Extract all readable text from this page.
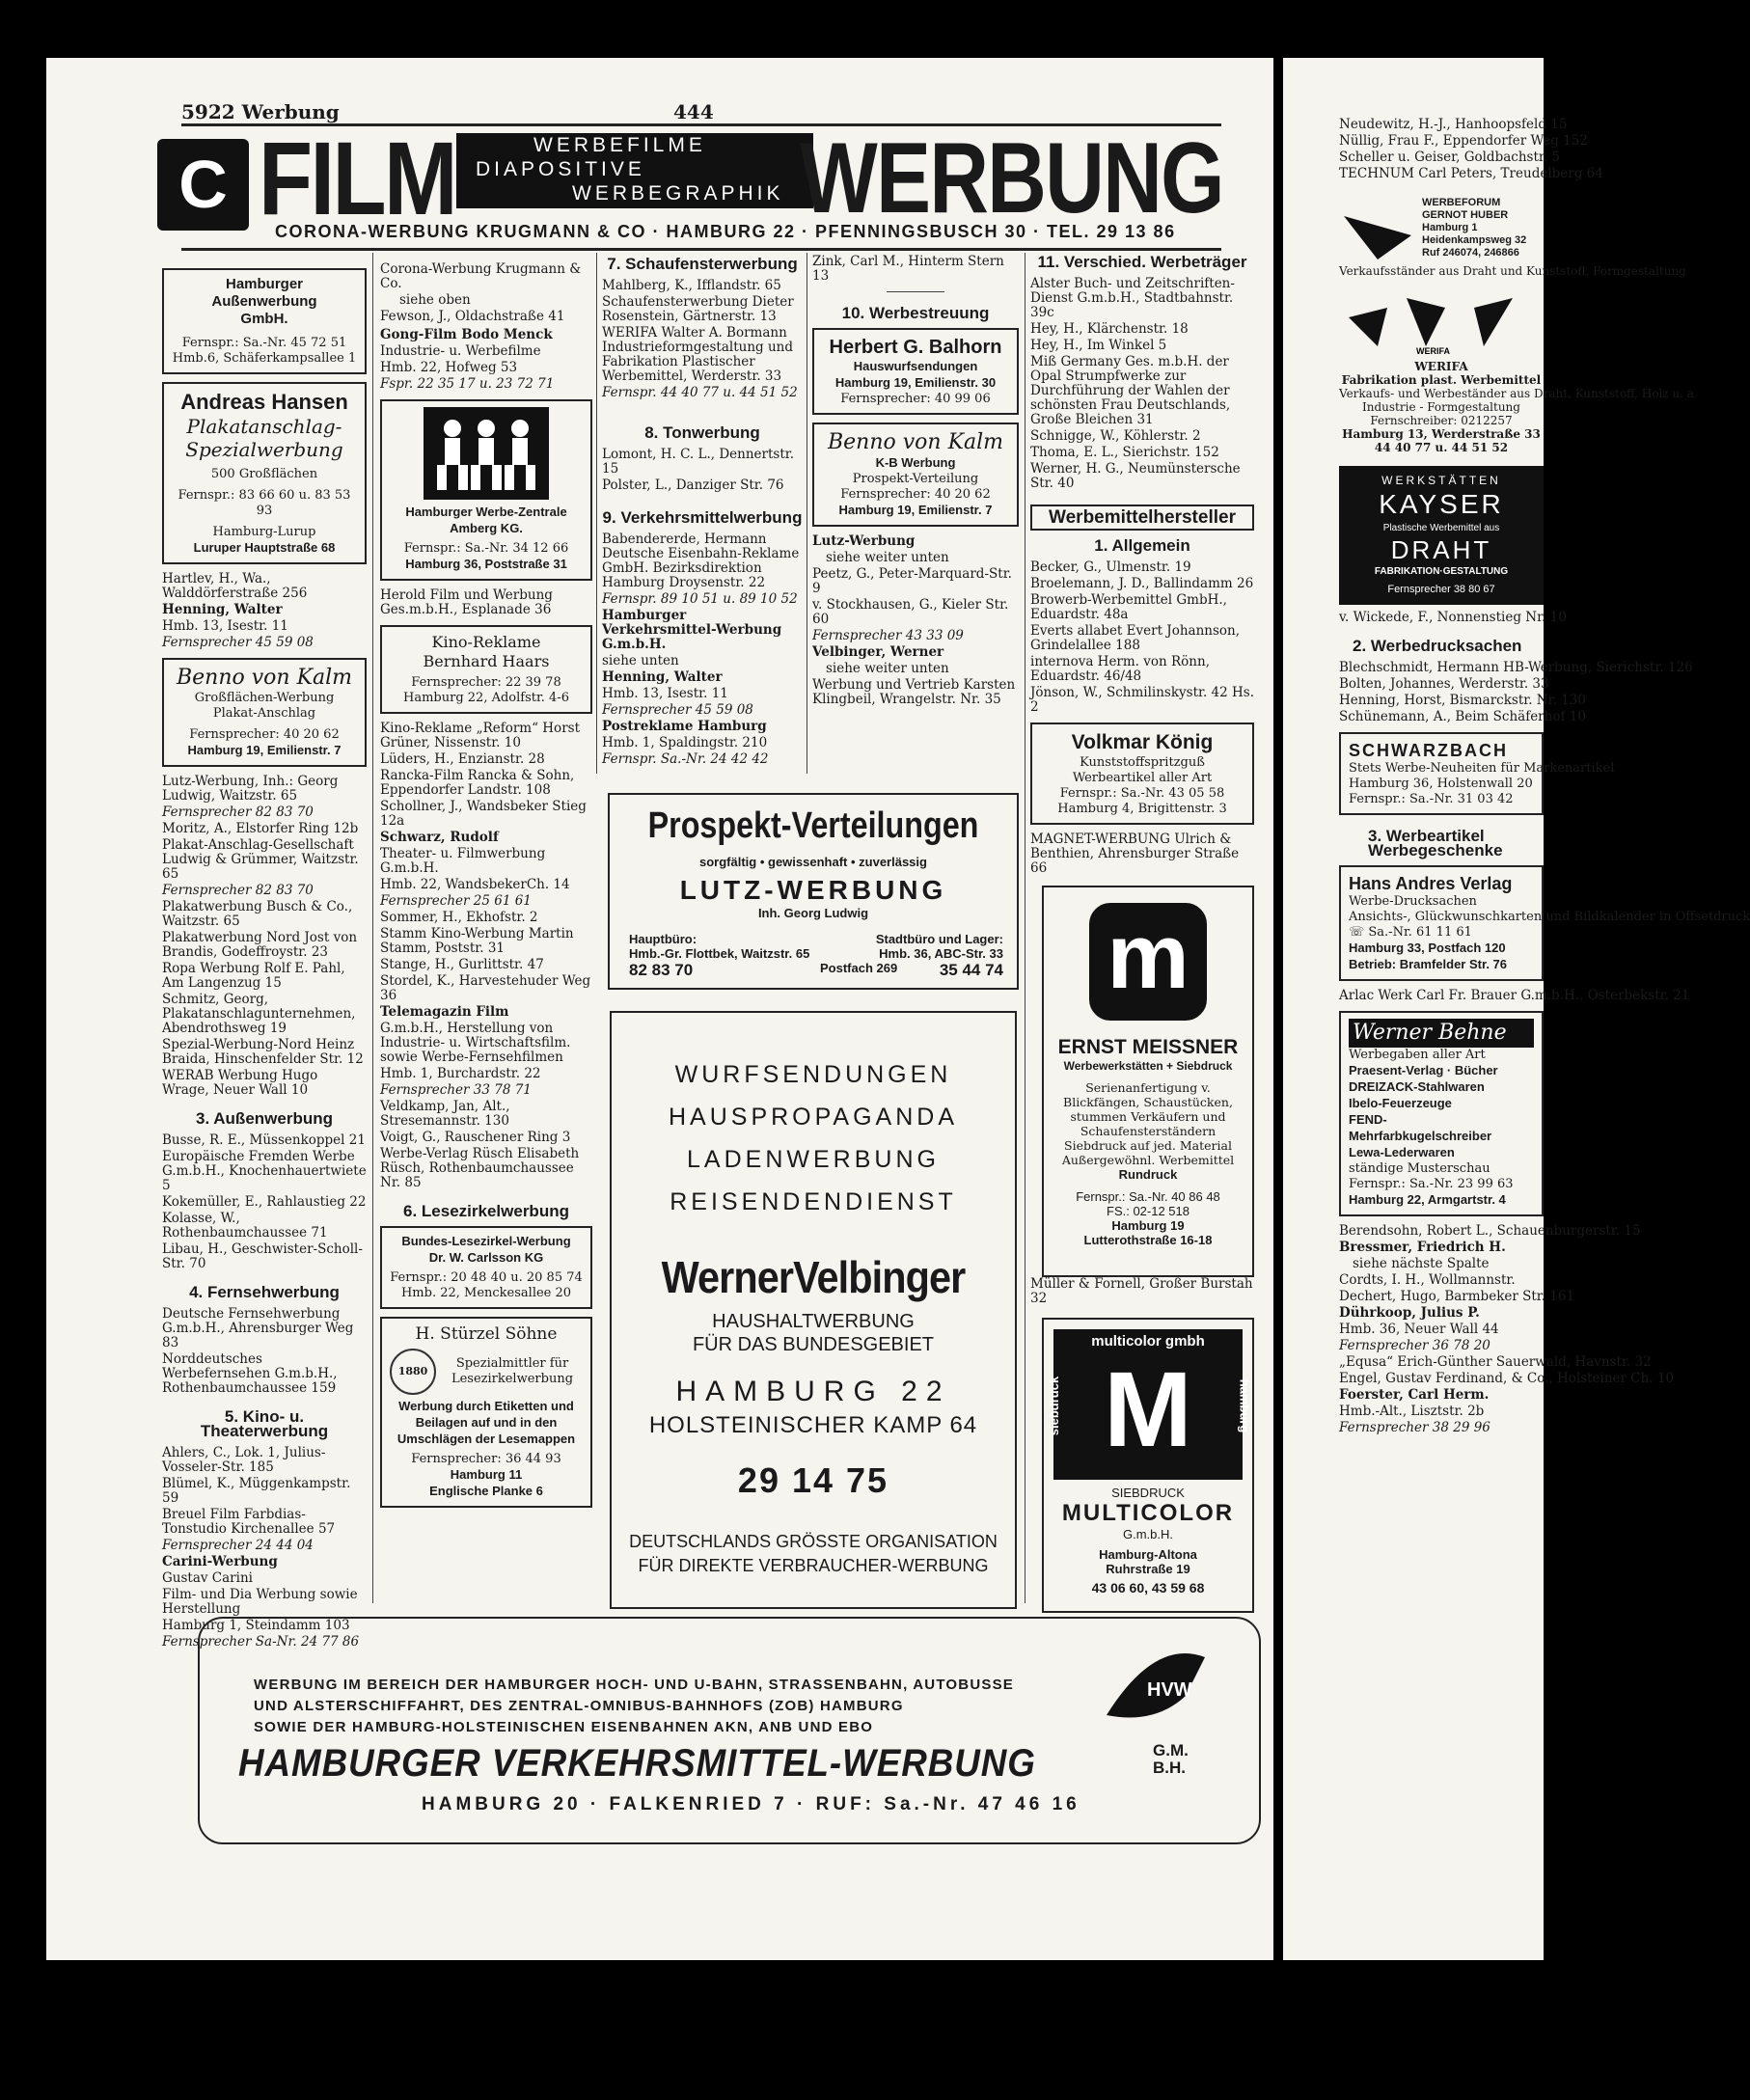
5922 Werbung	444
C FILM	WERBEFILME
DIAPOSITIVE
WERBEGRAPHIK WERBUNG
CORONA-WERBUNG KRUGMANN & CO · HAMBURG 22 · PFENNINGSBUSCH 30 · TEL. 29 13 86
Hamburger Außenwerbung
GmbH.
Fernspr.: Sa.-Nr. 45 72 51
Hmb.6, Schäferkampsallee 1
Andreas Hansen
Plakatanschlag-
Spezialwerbung
500 Großflächen
Fernspr.: 83 66 60 u. 83 53 93
Hamburg-Lurup
Luruper Hauptstraße 68

Hartlev, H., Wa., Walddörferstraße 256

Henning, Walter

Hmb. 13, Isestr. 11

Fernsprecher 45 59 08

Benno von Kalm
Großflächen-Werbung
Plakat-Anschlag
Fernsprecher: 40 20 62
Hamburg 19, Emilienstr. 7

Lutz-Werbung, Inh.: Georg Ludwig, Waitzstr. 65

Fernsprecher 82 83 70

Moritz, A., Elstorfer Ring 12b

Plakat-Anschlag-Gesellschaft Ludwig & Grümmer, Waitzstr. 65

Fernsprecher 82 83 70

Plakatwerbung Busch & Co., Waitzstr. 65

Plakatwerbung Nord Jost von Brandis, Godeffroystr. 23

Ropa Werbung Rolf E. Pahl, Am Langenzug 15

Schmitz, Georg, Plakatanschlagunternehmen, Abendrothsweg 19

Spezial-Werbung-Nord Heinz Braida, Hinschenfelder Str. 12

WERAB Werbung Hugo Wrage, Neuer Wall 10

3. Außenwerbung

Busse, R. E., Müssenkoppel 21

Europäische Fremden Werbe G.m.b.H., Knochenhauertwiete 5

Kokemüller, E., Rahlaustieg 22

Kolasse, W., Rothenbaumchaussee 71

Libau, H., Geschwister-Scholl-Str. 70

4. Fernsehwerbung

Deutsche Fernsehwerbung G.m.b.H., Ahrensburger Weg 83

Norddeutsches Werbefernsehen G.m.b.H., Rothenbaumchaussee 159

5. Kino- u. Theaterwerbung

Ahlers, C., Lok. 1, Julius-Vosseler-Str. 185

Blümel, K., Müggenkampstr. 59

Breuel Film Farbdias-Tonstudio Kirchenallee 57

Fernsprecher 24 44 04

Carini-Werbung

Gustav Carini

Film- und Dia Werbung sowie Herstellung

Hamburg 1, Steindamm 103

Fernsprecher Sa-Nr. 24 77 86

Corona-Werbung Krugmann & Co.

siehe oben

Fewson, J., Oldachstraße 41

Gong-Film Bodo Menck

Industrie- u. Werbefilme

Hmb. 22, Hofweg 53

Fspr. 22 35 17 u. 23 72 71

Hamburger Werbe-Zentrale
Amberg KG.
Fernspr.: Sa.-Nr. 34 12 66
Hamburg 36, Poststraße 31

Herold Film und Werbung Ges.m.b.H., Esplanade 36

Kino-Reklame
Bernhard Haars
Fernsprecher: 22 39 78
Hamburg 22, Adolfstr. 4-6

Kino-Reklame „Reform“ Horst Grüner, Nissenstr. 10

Lüders, H., Enzianstr. 28

Rancka-Film Rancka & Sohn, Eppendorfer Landstr. 108

Schollner, J., Wandsbeker Stieg 12a

Schwarz, Rudolf

Theater- u. Filmwerbung G.m.b.H.

Hmb. 22, WandsbekerCh. 14

Fernsprecher 25 61 61

Sommer, H., Ekhofstr. 2

Stamm Kino-Werbung Martin Stamm, Poststr. 31

Stange, H., Gurlittstr. 47

Stordel, K., Harvestehuder Weg 36

Telemagazin Film

G.m.b.H., Herstellung von Industrie- u. Wirtschaftsfilm. sowie Werbe-Fernsehfilmen

Hmb. 1, Burchardstr. 22

Fernsprecher 33 78 71

Veldkamp, Jan, Alt., Stresemannstr. 130

Voigt, G., Rauschener Ring 3

Werbe-Verlag Rüsch Elisabeth Rüsch, Rothenbaumchaussee Nr. 85

6. Lesezirkelwerbung
Bundes-Lesezirkel-Werbung
Dr. W. Carlsson KG
Fernspr.: 20 48 40 u. 20 85 74
Hmb. 22, Menckesallee 20
H. Stürzel Söhne
1880
Spezialmittler für Lesezirkelwerbung
Werbung durch Etiketten und Beilagen auf und in den Umschlägen der Lesemappen
Fernsprecher: 36 44 93
Hamburg 11
Englische Planke 6
7. Schaufensterwerbung

Mahlberg, K., Ifflandstr. 65

Schaufensterwerbung Dieter Rosenstein, Gärtnerstr. 13

WERIFA Walter A. Bormann Industrieformgestaltung und Fabrikation Plastischer Werbemittel, Werderstr. 33

Fernspr. 44 40 77 u. 44 51 52

8. Tonwerbung

Lomont, H. C. L., Dennertstr. 15

Polster, L., Danziger Str. 76

9. Verkehrsmittelwerbung

Babendererde, Hermann Deutsche Eisenbahn-Reklame GmbH. Bezirksdirektion Hamburg Droysenstr. 22

Fernspr. 89 10 51 u. 89 10 52

Hamburger Verkehrsmittel-Werbung G.m.b.H.

siehe unten

Henning, Walter

Hmb. 13, Isestr. 11

Fernsprecher 45 59 08

Postreklame Hamburg

Hmb. 1, Spaldingstr. 210

Fernspr. Sa.-Nr. 24 42 42

Zink, Carl M., Hinterm Stern 13

10. Werbestreuung
Herbert G. Balhorn
Hauswurfsendungen
Hamburg 19, Emilienstr. 30
Fernsprecher: 40 99 06
Benno von Kalm
K-B Werbung
Prospekt-Verteilung
Fernsprecher: 40 20 62
Hamburg 19, Emilienstr. 7

Lutz-Werbung

siehe weiter unten

Peetz, G., Peter-Marquard-Str. 9

v. Stockhausen, G., Kieler Str. 60

Fernsprecher 43 33 09

Velbinger, Werner

siehe weiter unten

Werbung und Vertrieb Karsten Klingbeil, Wrangelstr. Nr. 35

Prospekt-Verteilungen
sorgfältig • gewissenhaft • zuverlässig
LUTZ-WERBUNG
Inh. Georg Ludwig
Hauptbüro:
Hmb.-Gr. Flottbek, Waitzstr. 65
82 83 70	Postfach 269
Stadtbüro und Lager:
Hmb. 36, ABC-Str. 33
35 44 74
WURFSENDUNGEN
HAUSPROPAGANDA
LADENWERBUNG
REISENDENDIENST
WernerVelbinger
HAUSHALTWERBUNG
FÜR DAS BUNDESGEBIET
HAMBURG 22
HOLSTEINISCHER KAMP 64
29 14 75
DEUTSCHLANDS GRÖSSTE ORGANISATION
FÜR DIREKTE VERBRAUCHER-WERBUNG
11. Verschied. Werbeträger

Alster Buch- und Zeitschriften-Dienst G.m.b.H., Stadtbahnstr. 39c

Hey, H., Klärchenstr. 18

Hey, H., Im Winkel 5

Miß Germany Ges. m.b.H. der Opal Strumpfwerke zur Durchführung der Wahlen der schönsten Frau Deutschlands, Große Bleichen 31

Schnigge, W., Köhlerstr. 2

Thoma, E. L., Sierichstr. 152

Werner, H. G., Neumünstersche Str. 40

Werbemittelhersteller
1. Allgemein

Becker, G., Ulmenstr. 19

Broelemann, J. D., Ballindamm 26

Browerb-Werbemittel GmbH., Eduardstr. 48a

Everts allabet Evert Johannson, Grindelallee 188

internova Herm. von Rönn, Eduardstr. 46/48

Jönson, W., Schmilinskystr. 42 Hs. 2

Volkmar König
Kunststoffspritzguß
Werbeartikel aller Art
Fernspr.: Sa.-Nr. 43 05 58
Hamburg 4, Brigittenstr. 3

MAGNET-WERBUNG Ulrich & Benthien, Ahrensburger Straße 66

m
ERNST MEISSNER
Werbewerkstätten + Siebdruck
Serienanfertigung v. Blickfängen, Schaustücken, stummen Verkäufern und Schaufensterständern Siebdruck auf jed. Material Außergewöhnl. Werbemittel
Rundruck
Fernspr.: Sa.-Nr. 40 86 48
FS.: 02-12 518
Hamburg 19
Lutterothstraße 16-18

Müller & Fornell, Großer Burstah 32

multicolor gmbh
siebdruck	hamburg
M
SIEBDRUCK
MULTICOLOR
G.m.b.H.
Hamburg-Altona
Ruhrstraße 19
43 06 60, 43 59 68
WERBUNG IM BEREICH DER HAMBURGER HOCH- UND U-BAHN, STRASSENBAHN, AUTOBUSSE
UND ALSTERSCHIFFAHRT, DES ZENTRAL-OMNIBUS-BAHNHOFS (ZOB) HAMBURG
SOWIE DER HAMBURG-HOLSTEINISCHEN EISENBAHNEN AKN, ANB UND EBO
HVW
HAMBURGER VERKEHRSMITTEL-WERBUNG	G.M. B.H.
HAMBURG 20 · FALKENRIED 7 · RUF: Sa.-Nr. 47 46 16

Neudewitz, H.-J., Hanhoopsfeld 15

Nüllig, Frau F., Eppendorfer Weg 152

Scheller u. Geiser, Goldbachstr. 5

TECHNUM Carl Peters, Treudelberg 64

WERBEFORUM
GERNOT HUBER
Hamburg 1
Heidenkampsweg 32
Ruf 246074, 246866

Verkaufsständer aus Draht und Kunststoff, Formgestaltung

WERIFA
WERIFA
Fabrikation plast. Werbemittel
Verkaufs- und Werbeständer aus Draht, Kunststoff, Holz u. a.
Industrie - Formgestaltung
Fernschreiber: 0212257
Hamburg 13, Werderstraße 33
44 40 77 u. 44 51 52
WERKSTÄTTEN
KAYSER
Plastische Werbemittel aus
DRAHT
FABRIKATION·GESTALTUNG
Fernsprecher 38 80 67

v. Wickede, F., Nonnenstieg Nr. 10

2. Werbedrucksachen

Blechschmidt, Hermann HB-Werbung, Sierichstr. 126

Bolten, Johannes, Werderstr. 33

Henning, Horst, Bismarckstr. Nr. 130

Schünemann, A., Beim Schäferhof 10

SCHWARZBACH
Stets Werbe-Neuheiten für Markenartikel
Hamburg 36, Holstenwall 20
Fernspr.: Sa.-Nr. 31 03 42
3. Werbeartikel Werbegeschenke
Hans Andres Verlag
Werbe-Drucksachen
Ansichts-, Glückwunschkarten und Bildkalender in Offsetdruck
☏ Sa.-Nr. 61 11 61
Hamburg 33, Postfach 120
Betrieb: Bramfelder Str. 76

Arlac Werk Carl Fr. Brauer G.m.b.H., Osterbekstr. 21

Werner Behne
Werbegaben aller Art
Praesent-Verlag · Bücher
DREIZACK-Stahlwaren
Ibelo-Feuerzeuge
FEND-
Mehrfarbkugelschreiber
Lewa-Lederwaren
ständige Musterschau
Fernspr.: Sa.-Nr. 23 99 63
Hamburg 22, Armgartstr. 4

Berendsohn, Robert L., Schauenburgerstr. 15

Bressmer, Friedrich H.

siehe nächste Spalte

Cordts, I. H., Wollmannstr.

Dechert, Hugo, Barmbeker Str. 161

Dührkoop, Julius P.

Hmb. 36, Neuer Wall 44

Fernsprecher 36 78 20

„Equsa“ Erich-Günther Sauerwald, Havnstr. 32

Engel, Gustav Ferdinand, & Co., Holsteiner Ch. 10

Foerster, Carl Herm.

Hmb.-Alt., Lisztstr. 2b

Fernsprecher 38 29 96
